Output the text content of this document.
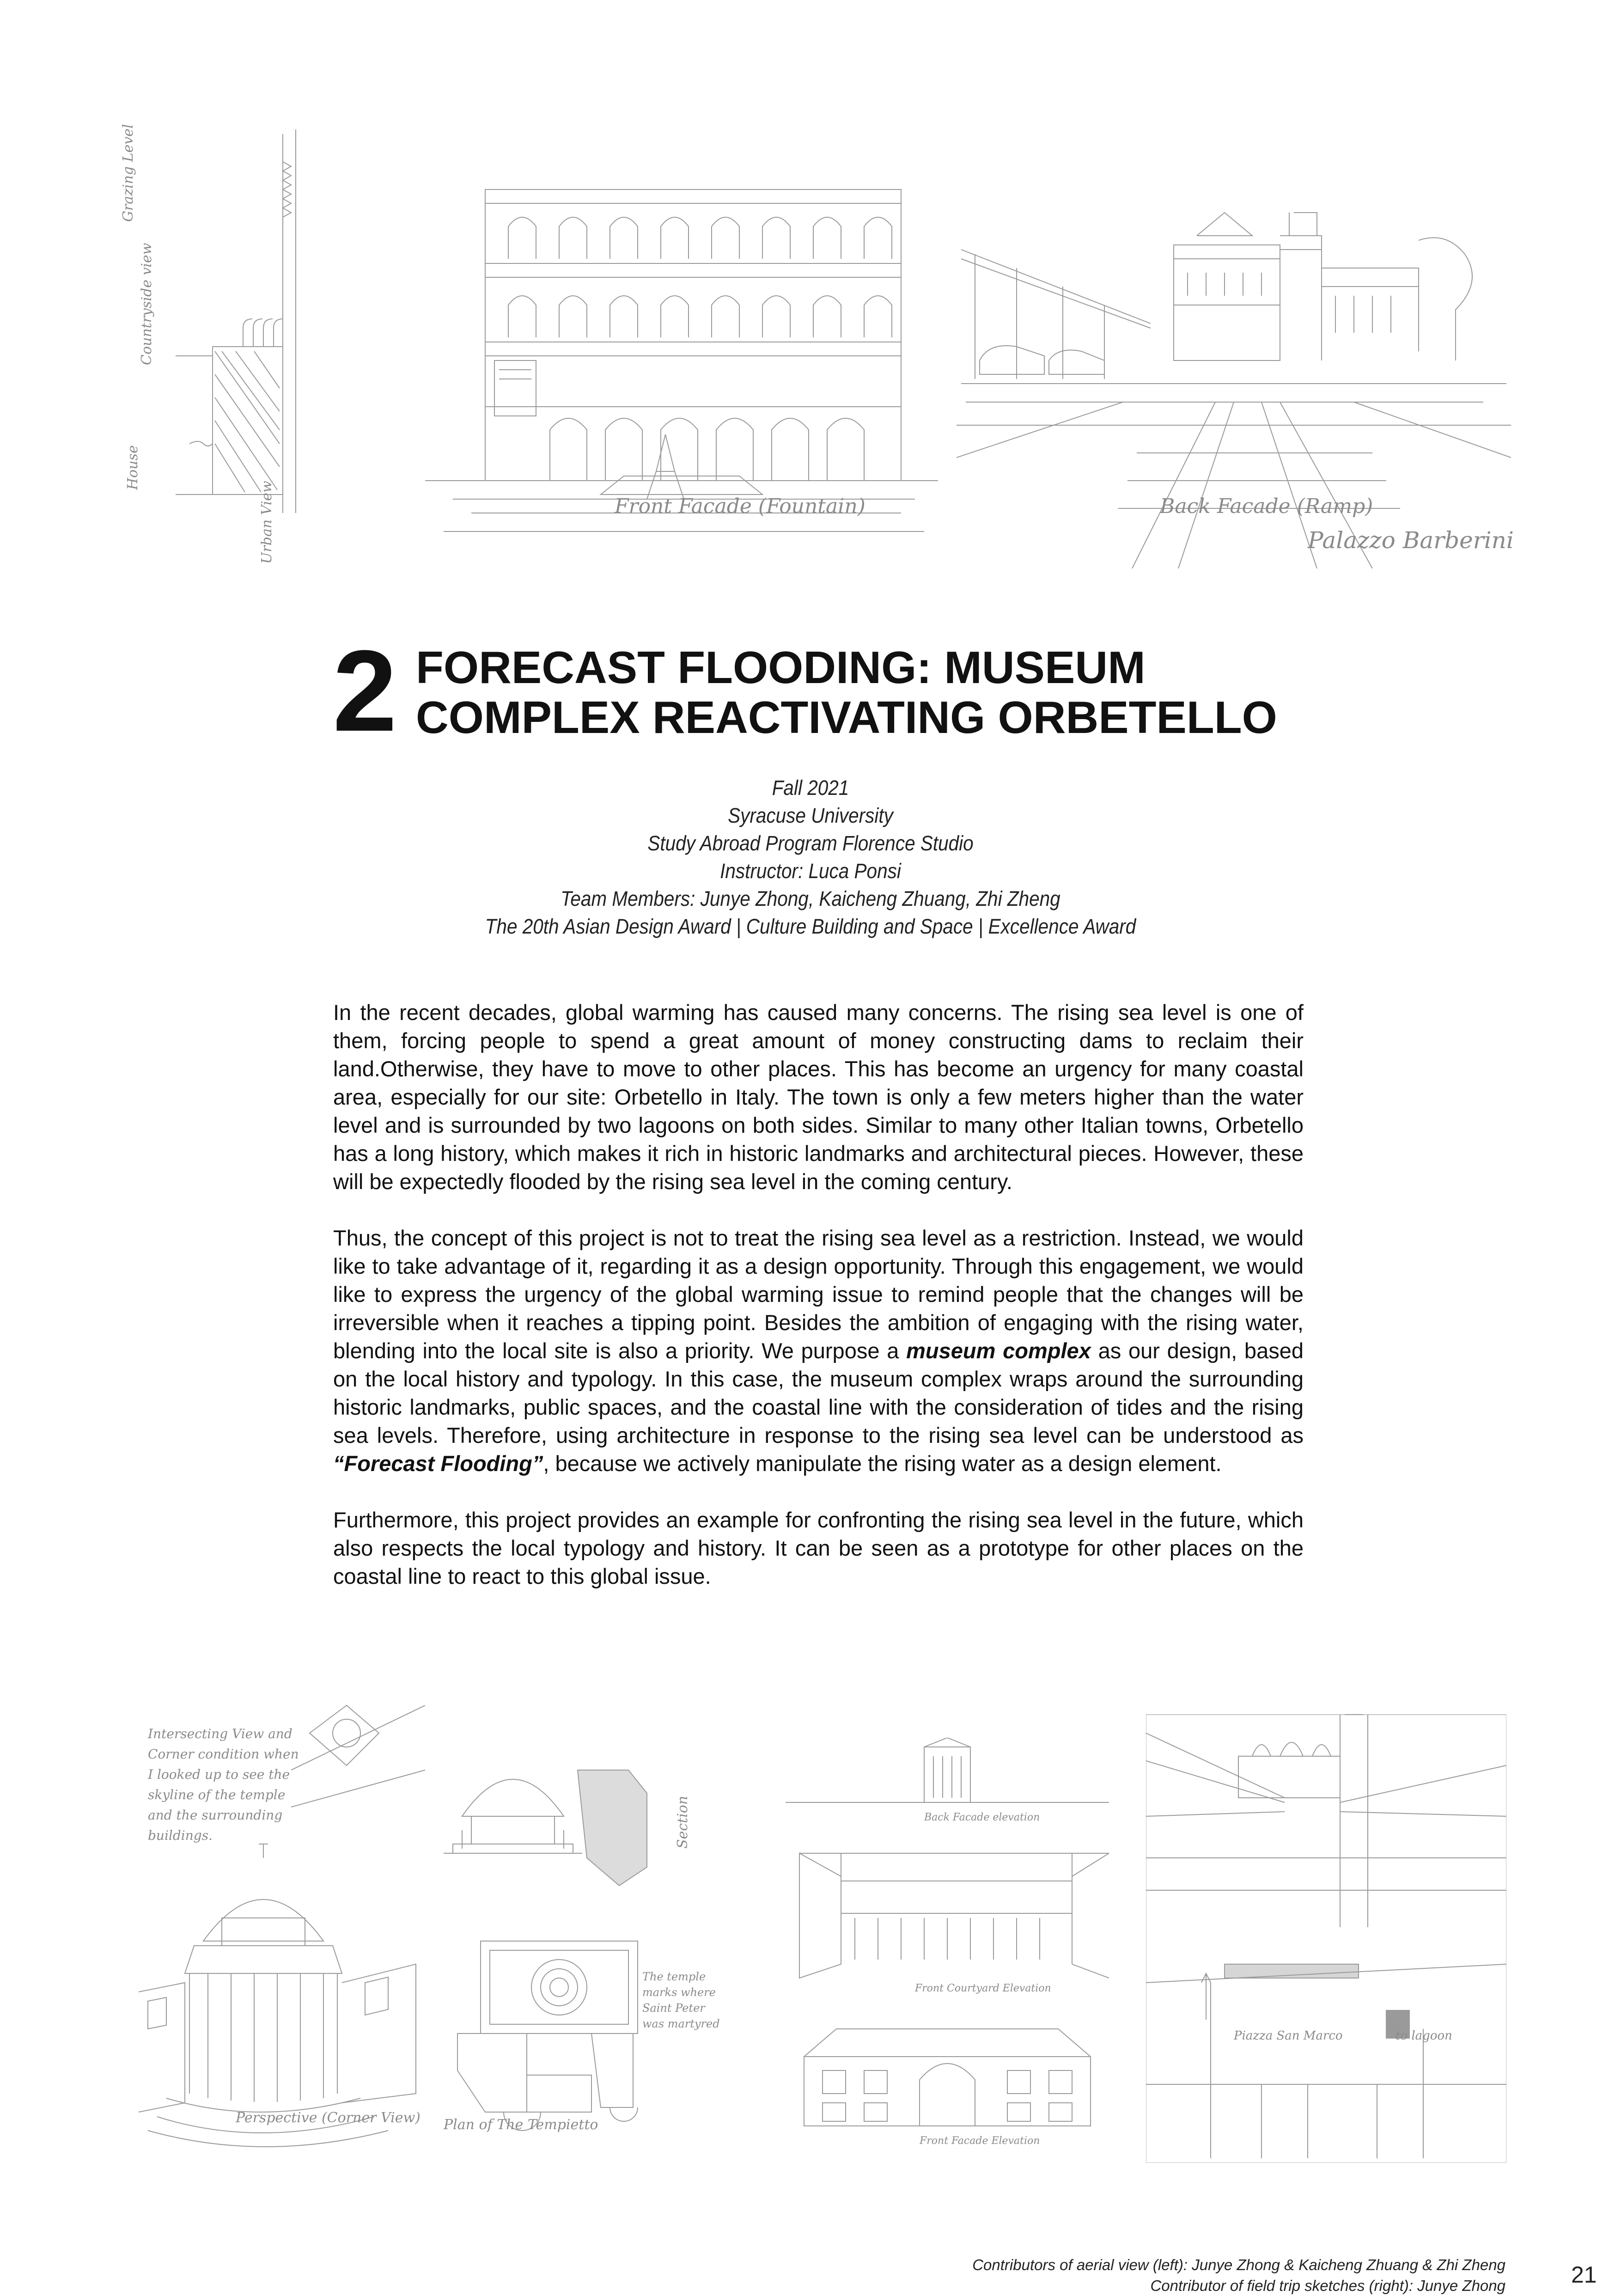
Grazing Level
Countryside view
House
Urban View	Front Facade (Fountain)	Back Facade (Ramp)
Palazzo Barberini
2 FORECAST FLOODING: MUSEUM
COMPLEX REACTIVATING ORBETELLO
Fall 2021
Syracuse University
Study Abroad Program Florence Studio
Instructor: Luca Ponsi
Team Members: Junye Zhong, Kaicheng Zhuang, Zhi Zheng
The 20th Asian Design Award | Culture Building and Space | Excellence Award

In the recent decades, global warming has caused many concerns. The rising sea level is one of them, forcing people to spend a great amount of money constructing dams to reclaim their land.Otherwise, they have to move to other places. This has become an urgency for many coastal area, especially for our site: Orbetello in Italy. The town is only a few meters higher than the water level and is surrounded by two lagoons on both sides. Similar to many other Italian towns, Orbetello has a long history, which makes it rich in historic landmarks and architectural pieces. However, these will be expectedly flooded by the rising sea level in the coming century.

Thus, the concept of this project is not to treat the rising sea level as a restriction. Instead, we would like to take advantage of it, regarding it as a design opportunity. Through this engagement, we would like to express the urgency of the global warming issue to remind people that the changes will be irreversible when it reaches a tipping point. Besides the ambition of engaging with the rising water, blending into the local site is also a priority. We purpose a museum complex as our design, based on the local history and typology. In this case, the museum complex wraps around the surrounding historic landmarks, public spaces, and the coastal line with the consideration of tides and the rising sea levels. Therefore, using architecture in response to the rising sea level can be understood as “Forecast Flooding”, because we actively manipulate the rising water as a design element.

Furthermore, this project provides an example for confronting the rising sea level in the future, which also respects the local typology and history. It can be seen as a prototype for other places on the coastal line to react to this global issue.

Intersecting View and Corner condition when I looked up to see the skyline of the temple and the surrounding buildings.
Perspective (Corner View) Plan of The Tempietto
Section
The temple marks where Saint Peter was martyred
Back Facade elevation
Front Courtyard Elevation
Front Facade Elevation
Piazza San Marco	to lagoon
Contributors of aerial view (left): Junye Zhong & Kaicheng Zhuang & Zhi Zheng
Contributor of field trip sketches (right): Junye Zhong	21
